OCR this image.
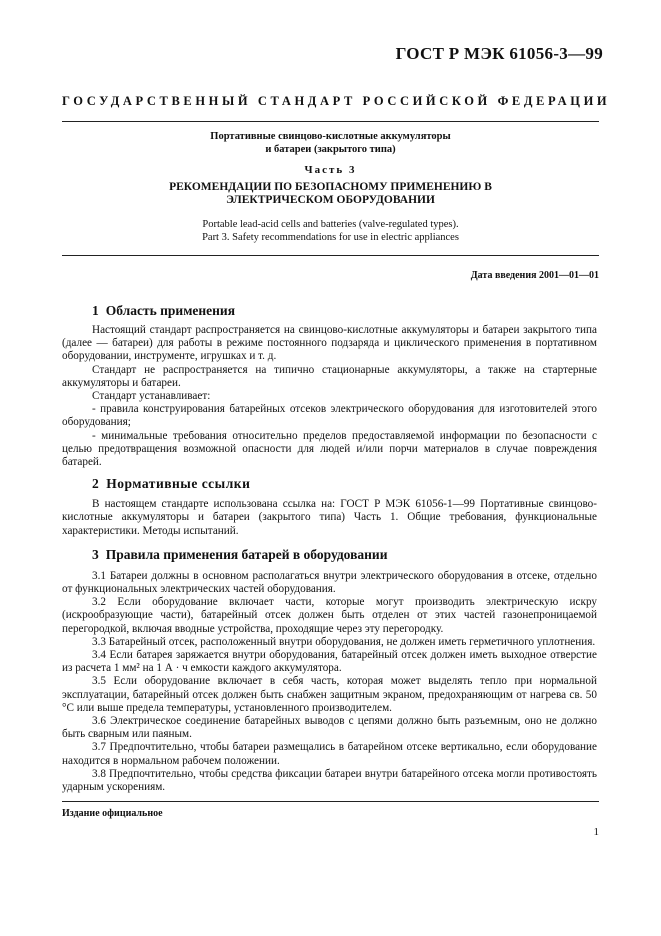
ГОСТ Р МЭК 61056-3—99
ГОСУДАРСТВЕННЫЙ СТАНДАРТ РОССИЙСКОЙ ФЕДЕРАЦИИ
Портативные свинцово-кислотные аккумуляторы
и батареи (закрытого типа)
Часть 3
РЕКОМЕНДАЦИИ ПО БЕЗОПАСНОМУ ПРИМЕНЕНИЮ В
ЭЛЕКТРИЧЕСКОМ ОБОРУДОВАНИИ
Portable lead-acid cells and batteries (valve-regulated types).
Part 3. Safety recommendations for use in electric appliances
Дата введения 2001—01—01
1 Область применения

Настоящий стандарт распространяется на свинцово-кислотные аккумуляторы и батареи закрытого типа (далее — батареи) для работы в режиме постоянного подзаряда и циклического применения в портативном оборудовании, инструменте, игрушках и т. д.

Стандарт не распространяется на типично стационарные аккумуляторы, а также на стартерные аккумуляторы и батареи.

Стандарт устанавливает:

- правила конструирования батарейных отсеков электрического оборудования для изготовителей этого оборудования;

- минимальные требования относительно пределов предоставляемой информации по безопасности с целью предотвращения возможной опасности для людей и/или порчи материалов в случае повреждения батарей.

2 Нормативные ссылки

В настоящем стандарте использована ссылка на: ГОСТ Р МЭК 61056-1—99 Портативные свинцово-кислотные аккумуляторы и батареи (закрытого типа) Часть 1. Общие требования, функциональные характеристики. Методы испытаний.

3 Правила применения батарей в оборудовании

3.1 Батареи должны в основном располагаться внутри электрического оборудования в отсеке, отдельно от функциональных электрических частей оборудования.

3.2 Если оборудование включает части, которые могут производить электрическую искру (искрообразующие части), батарейный отсек должен быть отделен от этих частей газонепроницаемой перегородкой, включая вводные устройства, проходящие через эту перегородку.

3.3 Батарейный отсек, расположенный внутри оборудования, не должен иметь герметичного уплотнения.

3.4 Если батарея заряжается внутри оборудования, батарейный отсек должен иметь выходное отверстие из расчета 1 мм² на 1 А · ч емкости каждого аккумулятора.

3.5 Если оборудование включает в себя часть, которая может выделять тепло при нормальной эксплуатации, батарейный отсек должен быть снабжен защитным экраном, предохраняющим от нагрева св. 50 °С или выше предела температуры, установленного производителем.

3.6 Электрическое соединение батарейных выводов с цепями должно быть разъемным, оно не должно быть сварным или паяным.

3.7 Предпочтительно, чтобы батареи размещались в батарейном отсеке вертикально, если оборудование находится в нормальном рабочем положении.

3.8 Предпочтительно, чтобы средства фиксации батареи внутри батарейного отсека могли противостоять ударным ускорениям.

Издание официальное
1
